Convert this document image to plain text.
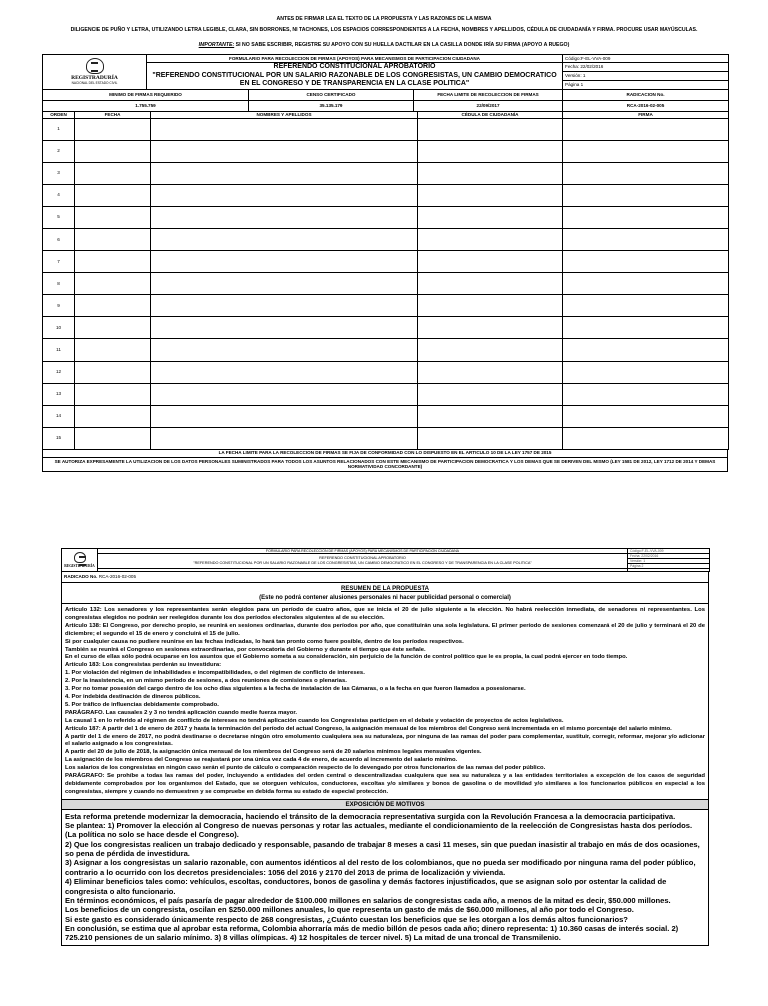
ANTES DE FIRMAR LEA EL TEXTO DE LA PROPUESTA Y LAS RAZONES DE LA MISMA
DILIGENCIE DE PUÑO Y LETRA, UTILIZANDO LETRA LEGIBLE, CLARA, SIN BORRONES, NI TACHONES, LOS ESPACIOS CORRESPONDIENTES A LA FECHA, NOMBRES Y APELLIDOS, CÉDULA DE CIUDADANÍA Y FIRMA. PROCURE USAR MAYÚSCULAS.
IMPORTANTE: SI NO SABE ESCRIBIR, REGISTRE SU APOYO CON SU HUELLA DACTILAR EN LA CASILLA DONDE IRÍA SU FIRMA (APOYO A RUEGO)
REGISTRADURÍA
NACIONAL DEL ESTADO CIVIL	FORMULARIO PARA RECOLECCION DE FIRMAS (APOYOS) PARA MECANISMOS DE PARTICIPACION CIUDADANA			Código:F-EL-VVA-009

	REFERENDO CONSTITUCIONAL APROBATORIO
"REFERENDO CONSTITUCIONAL POR UN SALARIO RAZONABLE DE LOS CONGRESISTAS, UN CAMBIO DEMOCRATICO EN EL CONGRESO Y DE TRANSPARENCIA EN LA CLASE POLITICA"			Fecha: 22/02/2016
				Versión: 1
				Página 1
MINIMO DE FIRMAS REQUERIDO		CENSO CERTIFICADO	FECHA LIMITE DE RECOLECCION DE FIRMAS	RADICACION No.
1.755.759		35.135.179	22/09/2017	RCA-2016-02-005
ORDEN	FECHA	NOMBRES Y APELLIDOS	CÉDULA DE CIUDADANÍA	FIRMA
1				
2				
3				
4				
5				
6				
7				
8				
9				
10				
11				
12				
13				
14				
15				
LA FECHA LIMITE PARA LA RECOLECCION DE FIRMAS SE FIJA DE CONFORMIDAD CON LO DISPUESTO EN EL ARTICULO 10 DE LA LEY 1757 DE 2015
SE AUTORIZA EXPRESAMENTE LA UTILIZACION DE LOS DATOS PERSONALES SUMINISTRADOS PARA TODOS LOS ASUNTOS RELACIONADOS CON ESTE MECANISMO DE PARTICIPACION DEMOCRATICA Y LOS DEMAS QUE SE DERIVEN DEL MISMO (LEY 1581 DE 2012, LEY 1712 DE 2014 Y DEMAS NORMATIVIDAD CONCORDANTE)
REGISTRADURÍA	FORMULARIO PARA RECOLECCION DE FIRMAS (APOYOS) PARA MECANISMOS DE PARTICIPACION CIUDADANA	Código:F-EL-VVA-009

	REFERENDO CONSTITUCIONAL APROBATORIO
"REFERENDO CONSTITUCIONAL POR UN SALARIO RAZONABLE DE LOS CONGRESISTAS, UN CAMBIO DEMOCRATICO EN EL CONGRESO Y DE TRANSPARENCIA EN LA CLASE POLITICA"	Fecha: 22/02/2016
		Versión: 1
		Página 2

RADICADO No. RCA-2016-02-005

RESUMEN DE LA PROPUESTA
(Este no podrá contener alusiones personales ni hacer publicidad personal o comercial)

Artículo 132: Los senadores y los representantes serán elegidos para un período de cuatro años, que se inicia el 20 de julio siguiente a la elección. No habrá reelección inmediata, de senadores ni representantes. Los congresistas elegidos no podrán ser reelegidos durante los dos períodos electorales siguientes al de su elección.

Artículo 138: El Congreso, por derecho propio, se reunirá en sesiones ordinarias, durante dos períodos por año, que constituirán una sola legislatura. El primer período de sesiones comenzará el 20 de julio y terminará el 20 de diciembre; el segundo el 15 de enero y concluirá el 15 de julio.

Si por cualquier causa no pudiere reunirse en las fechas indicadas, lo hará tan pronto como fuere posible, dentro de los períodos respectivos.

También se reunirá el Congreso en sesiones extraordinarias, por convocatoria del Gobierno y durante el tiempo que éste señale.

En el curso de ellas sólo podrá ocuparse en los asuntos que el Gobierno someta a su consideración, sin perjuicio de la función de control político que le es propia, la cual podrá ejercer en todo tiempo.

Artículo 183: Los congresistas perderán su investidura:

1. Por violación del régimen de inhabilidades e incompatibilidades, o del régimen de conflicto de intereses.

2. Por la inasistencia, en un mismo período de sesiones, a dos reuniones de comisiones o plenarias.

3. Por no tomar posesión del cargo dentro de los ocho días siguientes a la fecha de instalación de las Cámaras, o a la fecha en que fueron llamados a posesionarse.

4. Por indebida destinación de dineros públicos.

5. Por tráfico de influencias debidamente comprobado.

PARÁGRAFO. Las causales 2 y 3 no tendrá aplicación cuando medie fuerza mayor.

La causal 1 en lo referido al régimen de conflicto de intereses no tendrá aplicación cuando los Congresistas participen en el debate y votación de proyectos de actos legislativos.

Artículo 187: A partir del 1 de enero de 2017 y hasta la terminación del período del actual Congreso, la asignación mensual de los miembros del Congreso será incrementada en el mismo porcentaje del salario mínimo.

A partir del 1 de enero de 2017, no podrá destinarse o decretarse ningún otro emolumento cualquiera sea su naturaleza, por ninguna de las ramas del poder para complementar, sustituir, corregir, reformar, mejorar y/o adicionar el salario asignado a los congresistas.

A partir del 20 de julio de 2018, la asignación única mensual de los miembros del Congreso será de 20 salarios mínimos legales mensuales vigentes.

La asignación de los miembros del Congreso se reajustará por una única vez cada 4 de enero, de acuerdo al incremento del salario mínimo.

Los salarios de los congresistas en ningún caso serán el punto de cálculo o comparación respecto de lo devengado por otros funcionarios de las ramas del poder público.

PARÁGRAFO: Se prohíbe a todas las ramas del poder, incluyendo a entidades del orden central o descentralizadas cualquiera que sea su naturaleza y a las entidades territoriales a excepción de los casos de seguridad debidamente comprobados por los organismos del Estado, que se otorguen vehículos, conductores, escoltas y/o similares y bonos de gasolina o de movilidad y/o similares a los funcionarios públicos en especial a los congresistas, siempre y cuando no demuestren y se compruebe en debida forma su estado de especial protección.

EXPOSICIÓN DE MOTIVOS

Esta reforma pretende modernizar la democracia, haciendo el tránsito de la democracia representativa surgida con la Revolución Francesa a la democracia participativa.

Se plantea: 1) Promover la elección al Congreso de nuevas personas y rotar las actuales, mediante el condicionamiento de la reelección de Congresistas hasta dos períodos. (La política no solo se hace desde el Congreso).

2) Que los congresistas realicen un trabajo dedicado y responsable, pasando de trabajar 8 meses a casi 11 meses, sin que puedan inasistir al trabajo en más de dos ocasiones, so pena de pérdida de investidura.

3) Asignar a los congresistas un salario razonable, con aumentos idénticos al del resto de los colombianos, que no pueda ser modificado por ninguna rama del poder público, contrario a lo ocurrido con los decretos presidenciales: 1056 del 2016 y 2170 del 2013 de prima de localización y vivienda.

4) Eliminar beneficios tales como: vehículos, escoltas, conductores, bonos de gasolina y demás factores injustificados, que se asignan solo por ostentar la calidad de congresista o alto funcionario.

En términos económicos, el país pasaría de pagar alrededor de $100.000 millones en salarios de congresistas cada año, a menos de la mitad es decir, $50.000 millones.

Los beneficios de un congresista, oscilan en $250.000 millones anuales, lo que representa un gasto de más de $60.000 millones, al año por todo el Congreso.

Si este gasto es considerado únicamente respecto de 268 congresistas, ¿Cuánto cuestan los beneficios que se les otorgan a los demás altos funcionarios?

En conclusión, se estima que al aprobar esta reforma, Colombia ahorraría más de medio billón de pesos cada año; dinero representa: 1) 10.360 casas de interés social. 2) 725.210 pensiones de un salario mínimo. 3) 8 villas olímpicas. 4) 12 hospitales de tercer nivel. 5) La mitad de una troncal de Transmilenio.
